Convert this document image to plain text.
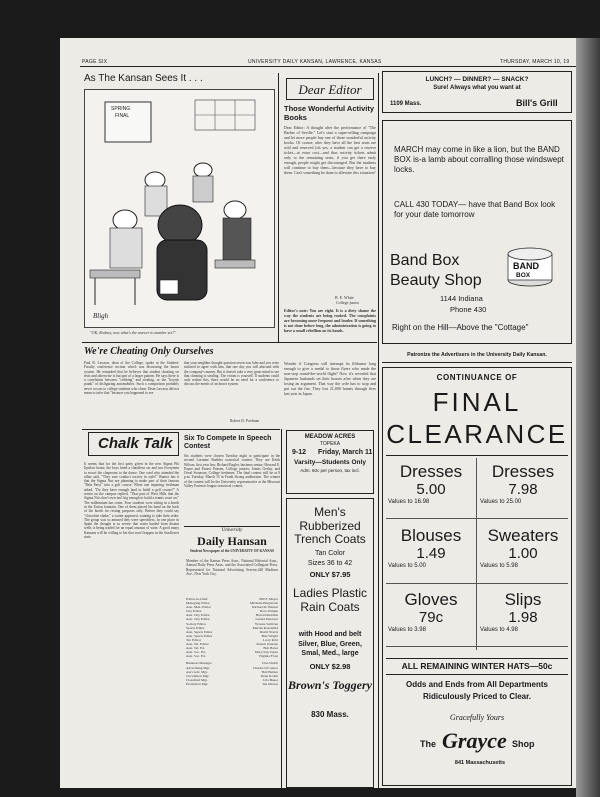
PAGE SIX	UNIVERSITY DAILY KANSAN, LAWRENCE, KANSAS	THURSDAY, MARCH 10, 19
As The Kansan Sees It . . .
SPRING
FINAL
Bligh
"OK, Rodney, now what's the answer to number six?"
We're Cheating Only Ourselves
Paul B. Lawson, dean of the College, spoke at the Student-Faculty conference section which was discussing the honor system. He remarked that he believes that student cheating on tests and otherwise is but part of a larger pattern. He says there is a correlation between "cribbing" and stealing, or the "boyish prank" of disfiguring automobiles. Such a comparison probably never occurs to college students who cheat. Dean Lawson did not mean to infer that "because you happened to see
that your neighbor thought question seven was false and you were inclined to agree with him, that one day you will abscond with the company's money. But it doesn't take a very great mind to see that cheating is stealing. The victim is yourself. If students could only realize this, there would be no need for a conference to discuss the merits of an honor system.
Robert D. Poelman
Chalk Talk
It seems that for the first party given in the new Sigma Phi Epsilon house, the boys hired a chauffeur car and two liverymen to escort the chaperons to the dance. One coed who attended the affair said, "They sure conduct society in style!" Rumor has it that the Sigma Nus are planning to make part of their famous "Bela Party" into a golf course. When one inquiring freshman asked, "Do they have enough land to build a golf course?" A senior on the campus replied, "That part of West Hills that the Sigma Nu's don't own isn't big enough to build a tennis court on." The millennium has come. Four students were sitting in a booth in the Union fountain. One of them placed his hand on the back of the booth for resting purposes only. Before they could say "chocolate shake," a waiter appeared, wanting to take their order. The group was so amazed they were speechless. In one place in Spain the drought is so severe that water hauled from distant wells is being traded for an equal amount of wine. A good many Kansans will be willing to bet that won't happen in the Sunflower state.
Six To Compete In Speech Contest
Six students were chosen Tuesday night to participate in the second Lorraine Buehler oratorical contest. They are Keith Wilson, first year law; Richard Engler, business senior; Howard E. Payne and Ernest Friesen, College juniors; James Gerlay, and Orval Swanson, College freshmen. The final contest will be at 8 p.m. Tuesday, March 15 in Frank Strong auditorium. The winner of the contest will be the University representative at the Missouri Valley Forensic league oratorical contest.
University
Daily Hansan
Student Newspaper of the UNIVERSITY OF KANSAS
Member of the Kansas Press Assn., National Editorial Assn., Annual Daily Press Assn., and the Associated Collegiate Press. Represented for National Advertising Service,420 Madison Ave., New York City.
Editor-in-Chief	Bill F. Meyer
Managing Editor	Michelle Bergstrom
Asst. Man. Editor	Richard R. Barnes
City Editor	Ross Temple
Asst. City Editor	Harold Reddick
Asst. City Editor	Gerald Peterson
Society Editor	Yvonne Sullivan
Sports Editor	Marvin Rosenfeld
Asst. Sports Editor	David Norris
Asst. Sports Editor	Bud Wright
Tel. Editor	Larry Pohl
Asst. Tel. Editor	Robert Ostesen
Asst. Tel. Ed.	Bob Boles
Asst. Soc. Ed.	Mary Kay Jayne
Asst. Soc. Ed.	Virginia Frost
Business Manager	Don Welch
Advertising Mgr.	Charles O'Connor
Ass't Adv. Mgr.	Bob Battles
Circulation Mgr.	Dean Krohn
Classified Mgr.	Lila Bauer
Promotion Mgr.	Ina Gibson
Dear Editor
Those Wonderful Activity Books
Dear Editor: A thought after the performance of "The Barber of Seville." Let's start a super-selling campaign and let more people buy one of those wonderful activity books. Of course, after they have all the best seats are sold and reserved (oh yes, a student can get a reserve ticket—at extra cost—and thus activity tickets admit only to the remaining seats, if you get there early enough, people might get discouraged. But the students will continue to buy them—because they have to buy them. Can't something be done to alleviate this situation?
B. E. White
College junior
Editor's note: You are right. It is a dirty shame the way the students are being rooked. The complaints are becoming more frequent and louder. If something is not done before long, the administration is going to have a small rebellion on its hands.
Wonder if Congress will interrupt its filibuster long enough to give a medal to those flyers who made the non-stop round-the-world flight? Now it's revealed that Japanese husbands set their houses afire when they are losing an argument. That way the wife has to stop and put out the fire. They lost 21,000 homes through fires last year in Japan.
MEADOW ACRES
TOPEKA
9-12 Friday, March 11
Varsity—Students Only
Adm. 60c per person, tax incl.
Men's Rubberized Trench Coats
Tan Color
Sizes 36 to 42
ONLY $7.95
Ladies Plastic Rain Coats
with Hood and belt
Silver, Blue, Green, Smal, Med., large
ONLY $2.98
Brown's Toggery
830 Mass.
LUNCH? — DINNER? — SNACK?
Sure! Always what you want at
1109 Mass.	Bill's Grill
MARCH may come in like a lion, but the BAND BOX is-a lamb about corralling those windswept locks.
CALL 430 TODAY— have that Band Box look for your date tomorrow
Band Box
Beauty Shop
1144 Indiana
Phone 430
Right on the Hill—Above the "Cottage"
BAND
BOX
Patronize the Advertisers in the University Daily Kansan.
CONTINUANCE OF
FINAL
CLEARANCE
Dresses
5.00
Values to 16.98
Dresses
7.98
Values to 25.00
Blouses
1.49
Values to 5.00
Sweaters
1.00
Values to 5.98
Gloves
79c
Values to 3.98
Slips
1.98
Values to 4.98
ALL REMAINING WINTER HATS—50c
Odds and Ends from All Departments
Ridiculously Priced to Clear.
Gracefully Yours
The Grayce Shop
841 Massachusetts
